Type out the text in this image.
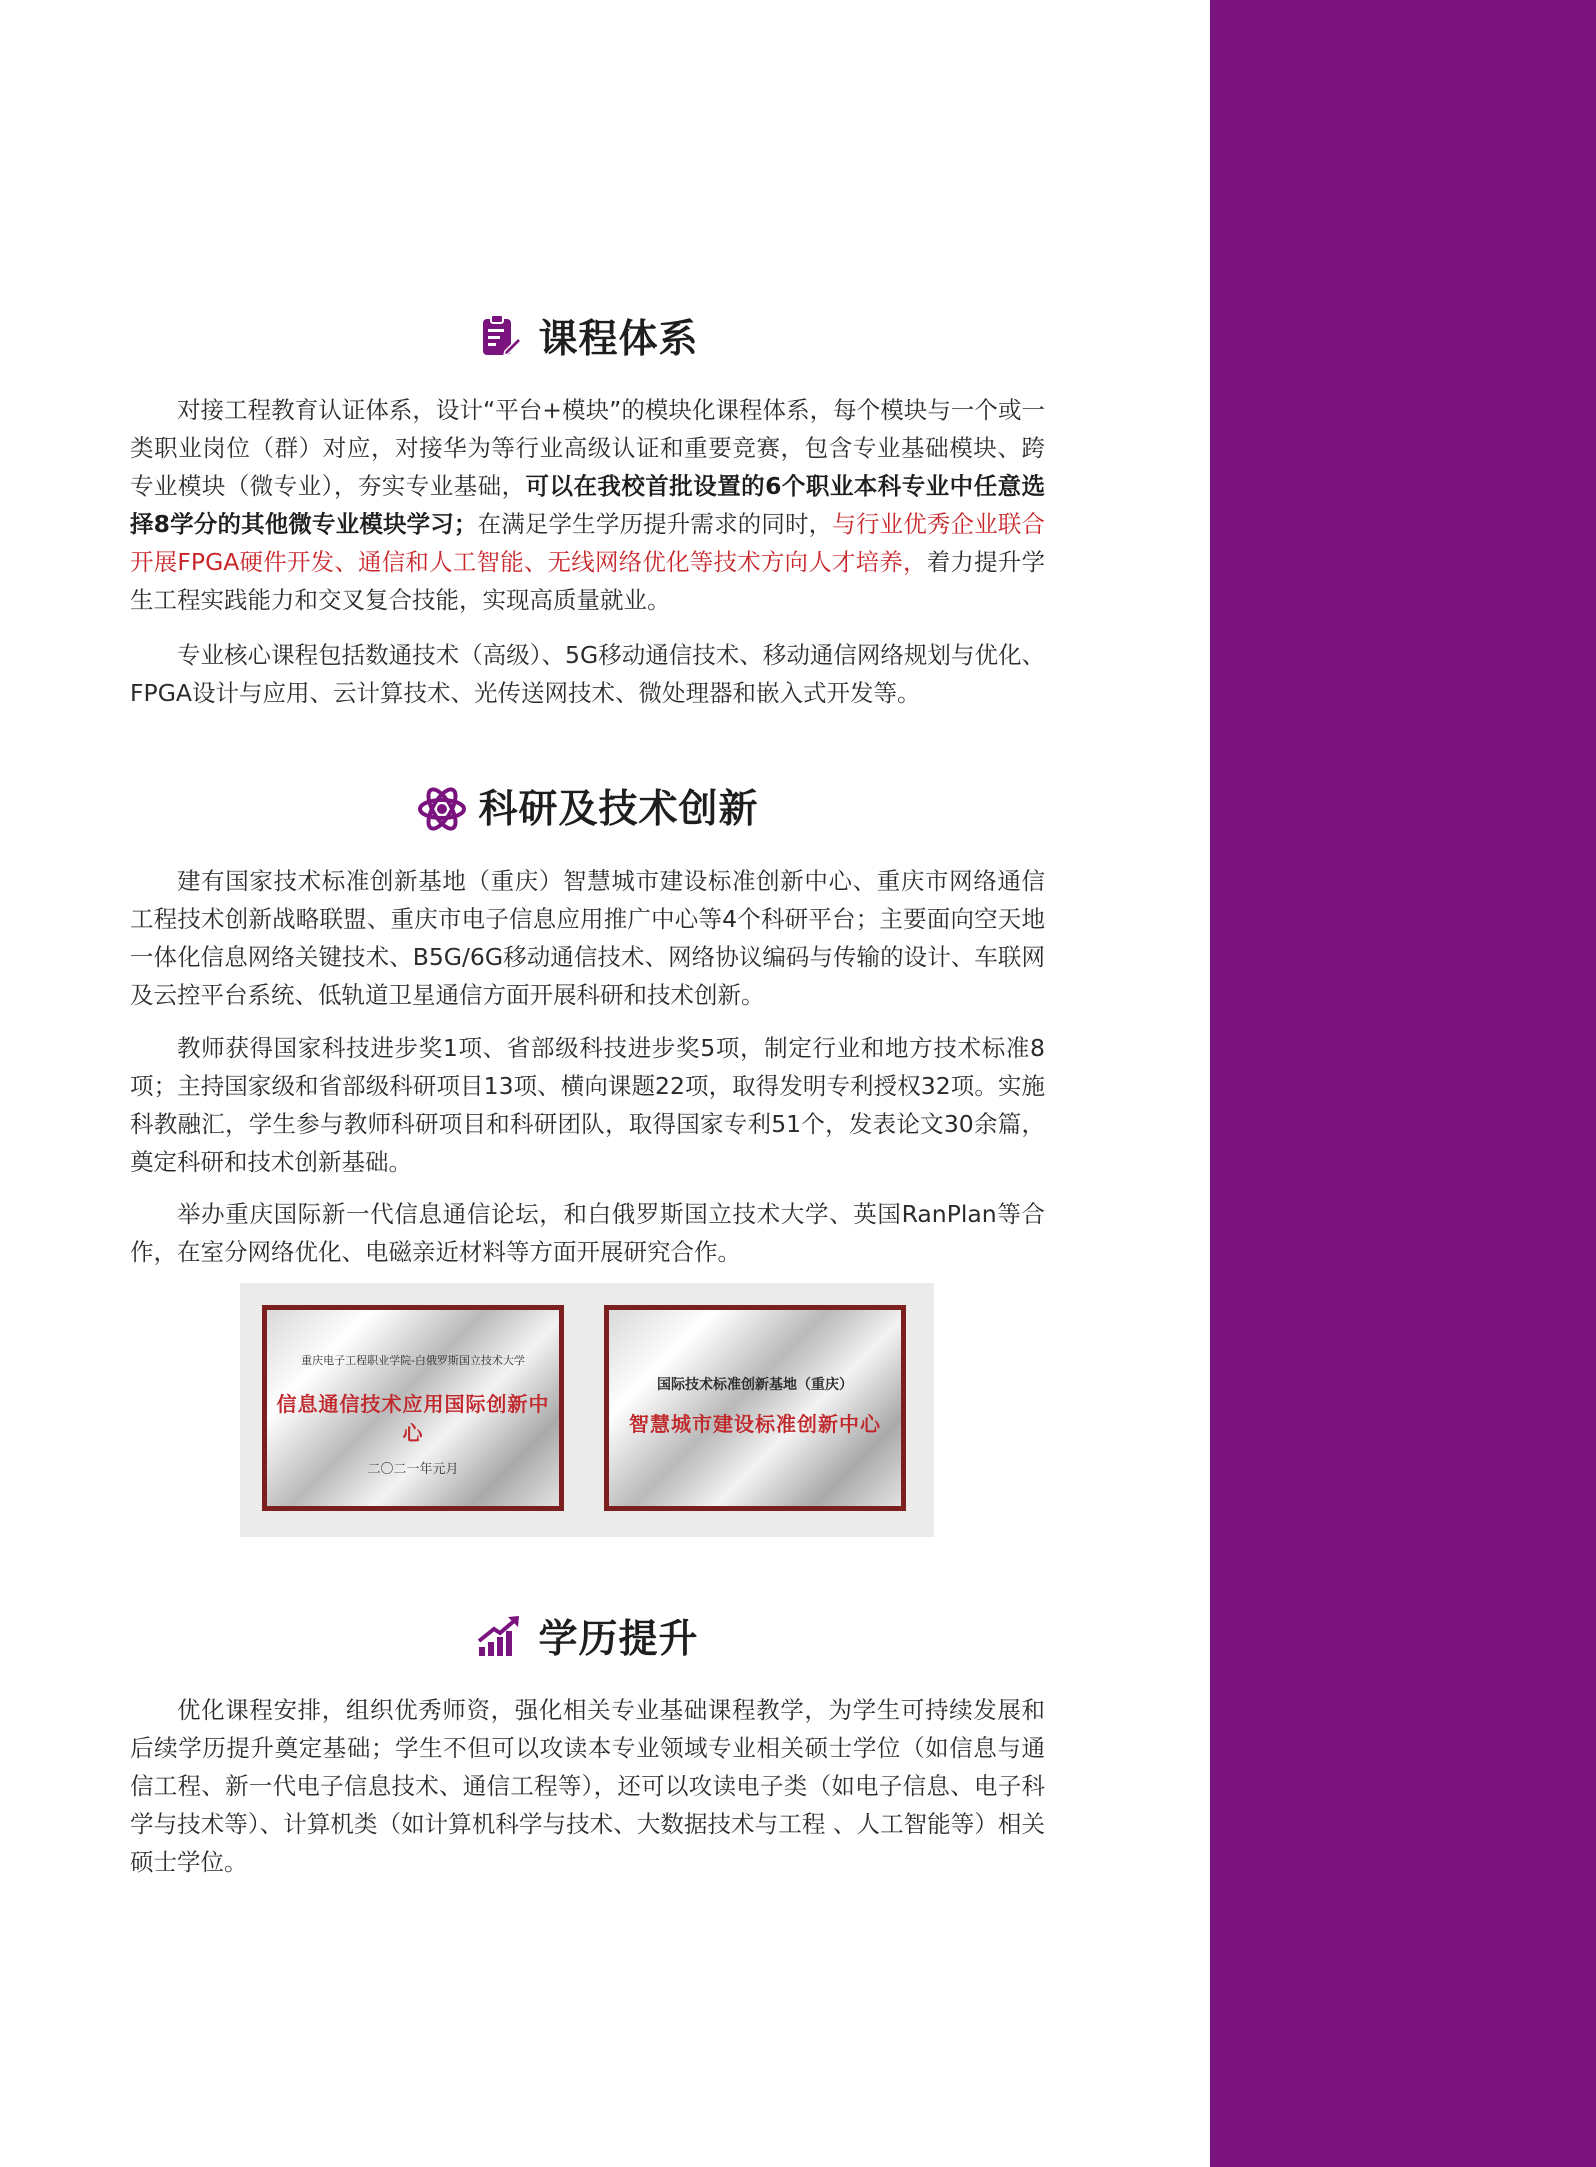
课程体系

对接工程教育认证体系，设计“平台+模块”的模块化课程体系，每个模块与一个或一类职业岗位（群）对应，对接华为等行业高级认证和重要竞赛，包含专业基础模块、跨专业模块（微专业），夯实专业基础，可以在我校首批设置的6个职业本科专业中任意选择8学分的其他微专业模块学习；在满足学生学历提升需求的同时，与行业优秀企业联合开展FPGA硬件开发、通信和人工智能、无线网络优化等技术方向人才培养，着力提升学生工程实践能力和交叉复合技能，实现高质量就业。

专业核心课程包括数通技术（高级）、5G移动通信技术、移动通信网络规划与优化、FPGA设计与应用、云计算技术、光传送网技术、微处理器和嵌入式开发等。

科研及技术创新

建有国家技术标准创新基地（重庆）智慧城市建设标准创新中心、重庆市网络通信工程技术创新战略联盟、重庆市电子信息应用推广中心等4个科研平台；主要面向空天地一体化信息网络关键技术、B5G/6G移动通信技术、网络协议编码与传输的设计、车联网及云控平台系统、低轨道卫星通信方面开展科研和技术创新。

教师获得国家科技进步奖1项、省部级科技进步奖5项，制定行业和地方技术标准8项；主持国家级和省部级科研项目13项、横向课题22项，取得发明专利授权32项。实施科教融汇，学生参与教师科研项目和科研团队，取得国家专利51个，发表论文30余篇，奠定科研和技术创新基础。

举办重庆国际新一代信息通信论坛，和白俄罗斯国立技术大学、英国RanPlan等合作，在室分网络优化、电磁亲近材料等方面开展研究合作。

重庆电子工程职业学院-白俄罗斯国立技术大学
信息通信技术应用国际创新中心
二〇二一年元月
国际技术标准创新基地（重庆）
智慧城市建设标准创新中心
学历提升

优化课程安排，组织优秀师资，强化相关专业基础课程教学，为学生可持续发展和后续学历提升奠定基础；学生不但可以攻读本专业领域专业相关硕士学位（如信息与通信工程、新一代电子信息技术、通信工程等），还可以攻读电子类（如电子信息、电子科学与技术等）、计算机类（如计算机科学与技术、大数据技术与工程 、人工智能等）相关硕士学位。
